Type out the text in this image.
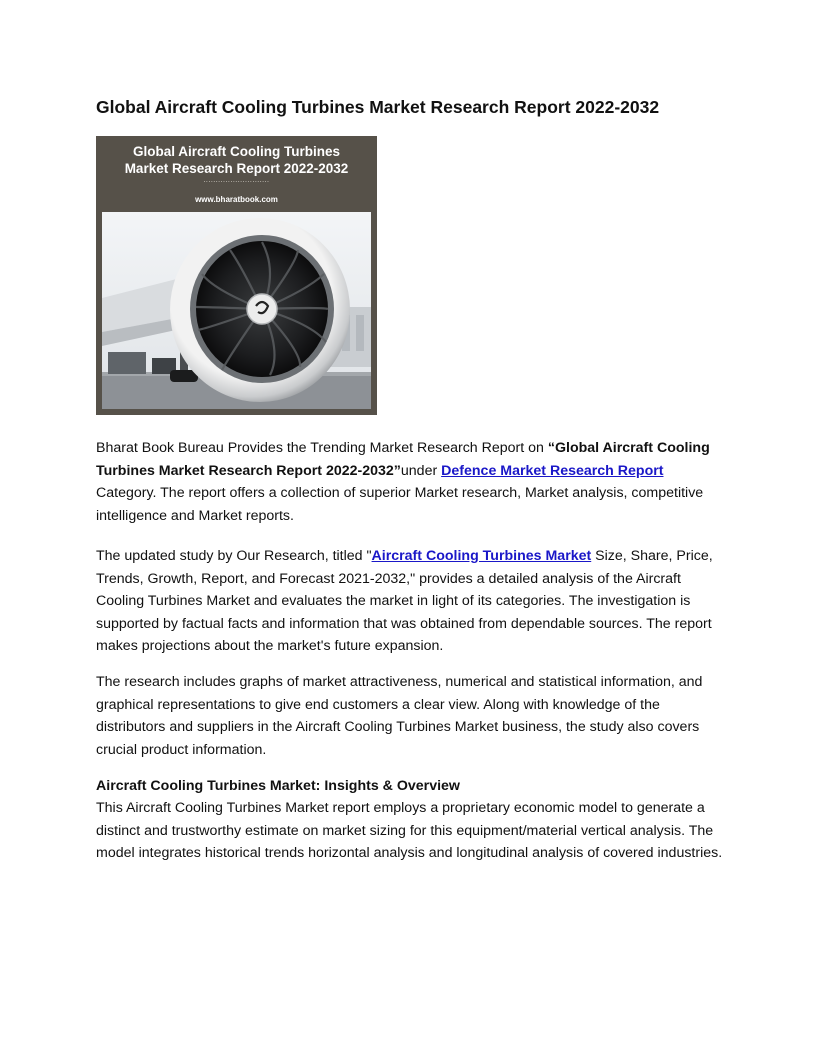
Global Aircraft Cooling Turbines Market Research Report 2022-2032
Global Aircraft Cooling Turbines
Market Research Report 2022-2032
...........................
www.bharatbook.com

Bharat Book Bureau Provides the Trending Market Research Report on “Global Aircraft Cooling Turbines Market Research Report 2022-2032”under Defence Market Research Report Category. The report offers a collection of superior Market research, Market analysis, competitive intelligence and Market reports.

The updated study by Our Research, titled "Aircraft Cooling Turbines Market Size, Share, Price, Trends, Growth, Report, and Forecast 2021-2032," provides a detailed analysis of the Aircraft Cooling Turbines Market and evaluates the market in light of its categories. The investigation is supported by factual facts and information that was obtained from dependable sources. The report makes projections about the market's future expansion.

The research includes graphs of market attractiveness, numerical and statistical information, and graphical representations to give end customers a clear view. Along with knowledge of the distributors and suppliers in the Aircraft Cooling Turbines Market business, the study also covers crucial product information.

Aircraft Cooling Turbines Market: Insights & Overview

This Aircraft Cooling Turbines Market report employs a proprietary economic model to generate a distinct and trustworthy estimate on market sizing for this equipment/material vertical analysis. The model integrates historical trends horizontal analysis and longitudinal analysis of covered industries.
